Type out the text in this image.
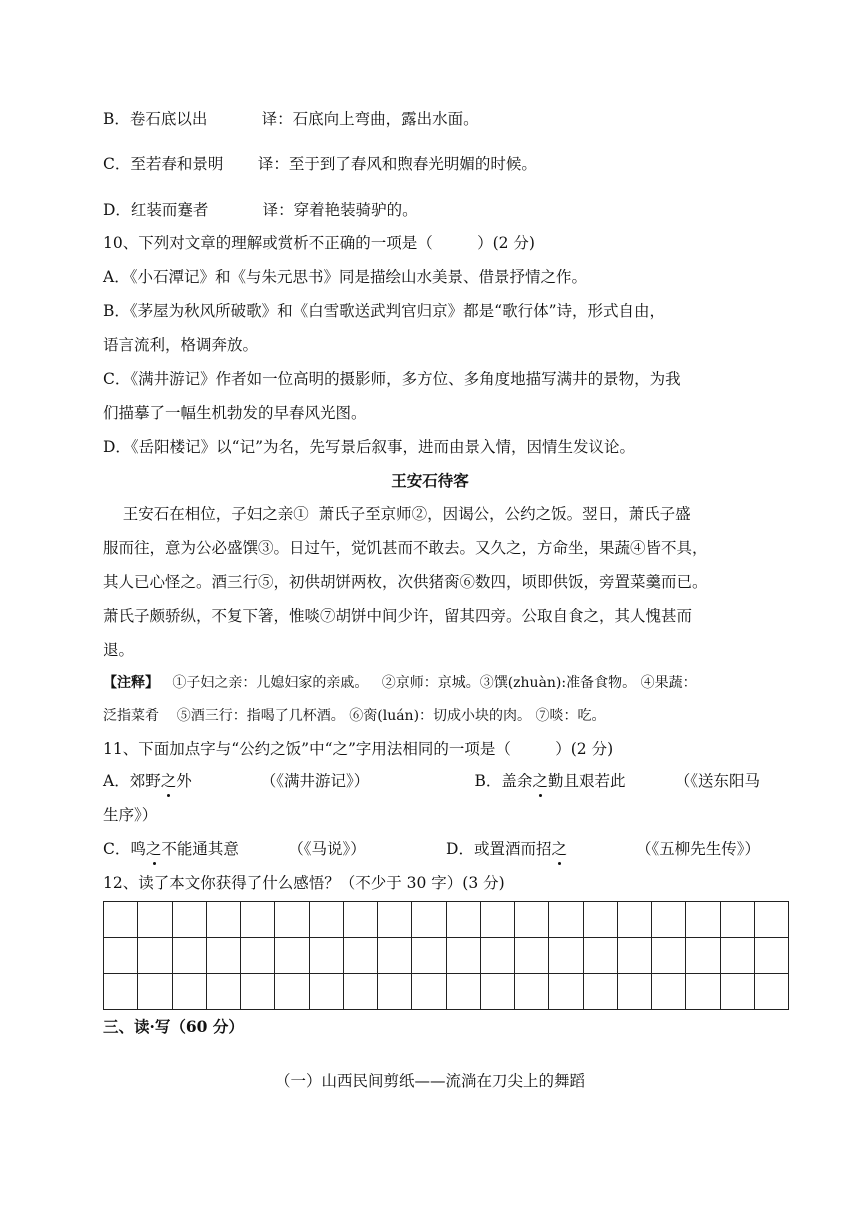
B．卷石底以出           译：石底向上弯曲，露出水面。
C．至若春和景明       译：至于到了春风和煦春光明媚的时候。
D．红装而蹇者           译：穿着艳装骑驴的。
10、下列对文章的理解或赏析不正确的一项是（         ）(2 分)
A．《小石潭记》和《与朱元思书》同是描绘山水美景、借景抒情之作。
B．《茅屋为秋风所破歌》和《白雪歌送武判官归京》都是“歌行体”诗，形式自由，
语言流利，格调奔放。
C．《满井游记》作者如一位高明的摄影师，多方位、多角度地描写满井的景物，为我
们描摹了一幅生机勃发的早春风光图。
D．《岳阳楼记》以“记”为名，先写景后叙事，进而由景入情，因情生发议论。
王安石待客
王安石在相位，子妇之亲①  萧氏子至京师②，因谒公，公约之饭。翌日，萧氏子盛
服而往，意为公必盛馔③。日过午，觉饥甚而不敢去。又久之，方命坐，果蔬④皆不具，
其人已心怪之。酒三行⑤，初供胡饼两枚，次供猪脔⑥数四，顷即供饭，旁置菜羹而已。
萧氏子颇骄纵，不复下箸，惟啖⑦胡饼中间少许，留其四旁。公取自食之，其人愧甚而
退。
【注释】   ①子妇之亲：儿媳妇家的亲戚。   ②京师：京城。③馔(zhuàn):准备食物。 ④果蔬：
泛指菜肴    ⑤酒三行：指喝了几杯酒。 ⑥脔(luán)：切成小块的肉。 ⑦啖：吃。
11、下面加点字与“公约之饭”中“之”字用法相同的一项是（         ）(2 分)
A．郊野之外	（《满井游记》）	B．盖余之勤且艰若此	（《送东阳马
生序》）
C．鸣之不能通其意	（《马说》）	D．或置酒而招之	（《五柳先生传》）
12、读了本文你获得了什么感悟？（不少于 30 字）(3 分)
三、读·写（60 分）
（一）山西民间剪纸——流淌在刀尖上的舞蹈
